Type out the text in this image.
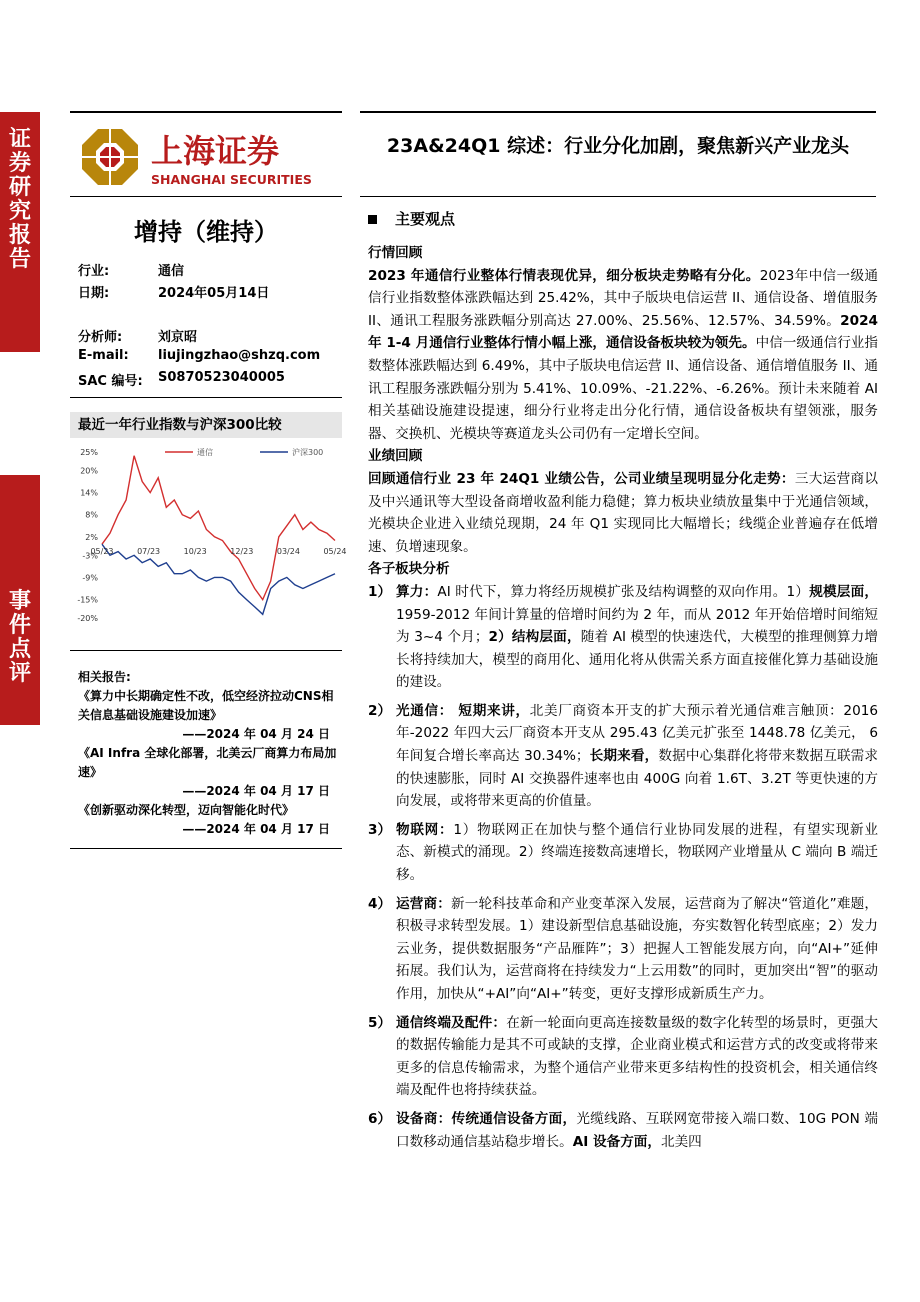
证
券
研
究
报
告
事
件
点
评
上海证券
SHANGHAI SECURITIES
增持（维持）
行业:	通信
日期:	2024年05月14日
分析师:	刘京昭
E-mail: liujingzhao@shzq.com
SAC 编号: S0870523040005
最近一年行业指数与沪深300比较
25%
20%
14%
8%
2%
-3%
-9%
-15%
-20%
通信	沪深300
05/23	07/23	10/23	12/23	03/24	05/24
相关报告:
《算力中长期确定性不改，低空经济拉动CNS相关信息基础设施建设加速》
——2024 年 04 月 24 日
《AI Infra 全球化部署，北美云厂商算力布局加速》
——2024 年 04 月 17 日
《创新驱动深化转型，迈向智能化时代》
——2024 年 04 月 17 日
23A&24Q1 综述：行业分化加剧，聚焦新兴产业龙头
主要观点

行情回顾

2023 年通信行业整体行情表现优异，细分板块走势略有分化。2023年中信一级通信行业指数整体涨跌幅达到 25.42%，其中子版块电信运营 II、通信设备、增值服务 II、通讯工程服务涨跌幅分别高达 27.00%、25.56%、12.57%、34.59%。2024 年 1-4 月通信行业整体行情小幅上涨，通信设备板块较为领先。中信一级通信行业指数整体涨跌幅达到 6.49%，其中子版块电信运营 II、通信设备、通信增值服务 II、通讯工程服务涨跌幅分别为 5.41%、10.09%、-21.22%、-6.26%。预计未来随着 AI 相关基础设施建设提速，细分行业将走出分化行情，通信设备板块有望领涨，服务器、交换机、光模块等赛道龙头公司仍有一定增长空间。

业绩回顾

回顾通信行业 23 年 24Q1 业绩公告，公司业绩呈现明显分化走势：三大运营商以及中兴通讯等大型设备商增收盈利能力稳健；算力板块业绩放量集中于光通信领域，光模块企业进入业绩兑现期，24 年 Q1 实现同比大幅增长；线缆企业普遍存在低增速、负增速现象。

各子板块分析

1） 算力：AI 时代下，算力将经历规模扩张及结构调整的双向作用。1）规模层面，1959-2012 年间计算量的倍增时间约为 2 年，而从 2012 年开始倍增时间缩短为 3~4 个月；2）结构层面，随着 AI 模型的快速迭代，大模型的推理侧算力增长将持续加大，模型的商用化、通用化将从供需关系方面直接催化算力基础设施的建设。

2） 光通信： 短期来讲，北美厂商资本开支的扩大预示着光通信难言触顶：2016 年-2022 年四大云厂商资本开支从 295.43 亿美元扩张至 1448.78 亿美元， 6 年间复合增长率高达 30.34%；长期来看，数据中心集群化将带来数据互联需求的快速膨胀，同时 AI 交换器件速率也由 400G 向着 1.6T、3.2T 等更快速的方向发展，或将带来更高的价值量。

3） 物联网：1）物联网正在加快与整个通信行业协同发展的进程，有望实现新业态、新模式的涌现。2）终端连接数高速增长，物联网产业增量从 C 端向 B 端迁移。

4） 运营商：新一轮科技革命和产业变革深入发展，运营商为了解决“管道化”难题，积极寻求转型发展。1）建设新型信息基础设施，夯实数智化转型底座；2）发力云业务，提供数据服务“产品雁阵”；3）把握人工智能发展方向，向“AI+”延伸拓展。我们认为，运营商将在持续发力“上云用数”的同时，更加突出“智”的驱动作用，加快从“+AI”向“AI+”转变，更好支撑形成新质生产力。

5） 通信终端及配件：在新一轮面向更高连接数量级的数字化转型的场景时，更强大的数据传输能力是其不可或缺的支撑，企业商业模式和运营方式的改变或将带来更多的信息传输需求，为整个通信产业带来更多结构性的投资机会，相关通信终端及配件也将持续获益。

6） 设备商：传统通信设备方面，光缆线路、互联网宽带接入端口数、10G PON 端口数移动通信基站稳步增长。AI 设备方面，北美四
